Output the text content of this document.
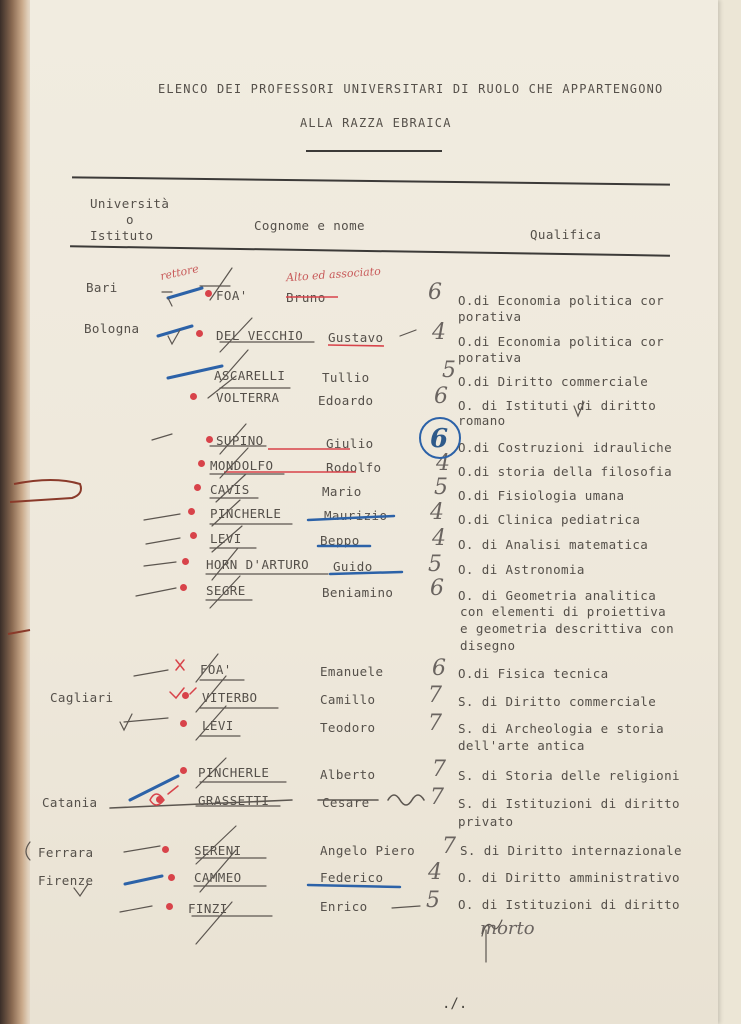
ELENCO DEI PROFESSORI UNIVERSITARI DI RUOLO CHE APPARTENGONO
ALLA RAZZA EBRAICA
Università
o
Istituto
Cognome e nome
Qualifica
rettore	Alto ed associato
Bari
FOA'	Bruno	6 O.di Economia politica cor
porativa
Bologna	DEL VECCHIO Gustavo 4 O.di Economia politica cor
porativa
ASCARELLI	Tullio	5 O.di Diritto commerciale
VOLTERRA	Edoardo	6 O. di Istituti di diritto
romano
SUPINO	Giulio 6 O.di Costruzioni idrauliche
MONDOLFO	Rodolfo 4 O.di storia della filosofia
CAVIS	Mario	5 O.di Fisiologia umana
PINCHERLE	Maurizio 4 O.di Clinica pediatrica
LEVI	Beppo	4 O. di Analisi matematica
HORN D'ARTURO Guido	5 O. di Astronomia
SEGRE	Beniamino 6 O. di Geometria analitica
con elementi di proiettiva
e geometria descrittiva con
disegno
FOA'	Emanuele 6 O.di Fisica tecnica
Cagliari	VITERBO	Camillo 7 S. di Diritto commerciale
LEVI	Teodoro 7 S. di Archeologia e storia
dell'arte antica
PINCHERLE	Alberto	7 S. di Storia delle religioni
Catania	GRASSETTI	Cesare	7 S. di Istituzioni di diritto
privato
Ferrara	SERENI	Angelo Piero 7 S. di Diritto internazionale
Firenze	CAMMEO	Federico 4 O. di Diritto amministrativo
FINZI	Enrico	5 O. di Istituzioni di diritto
morto
./.
